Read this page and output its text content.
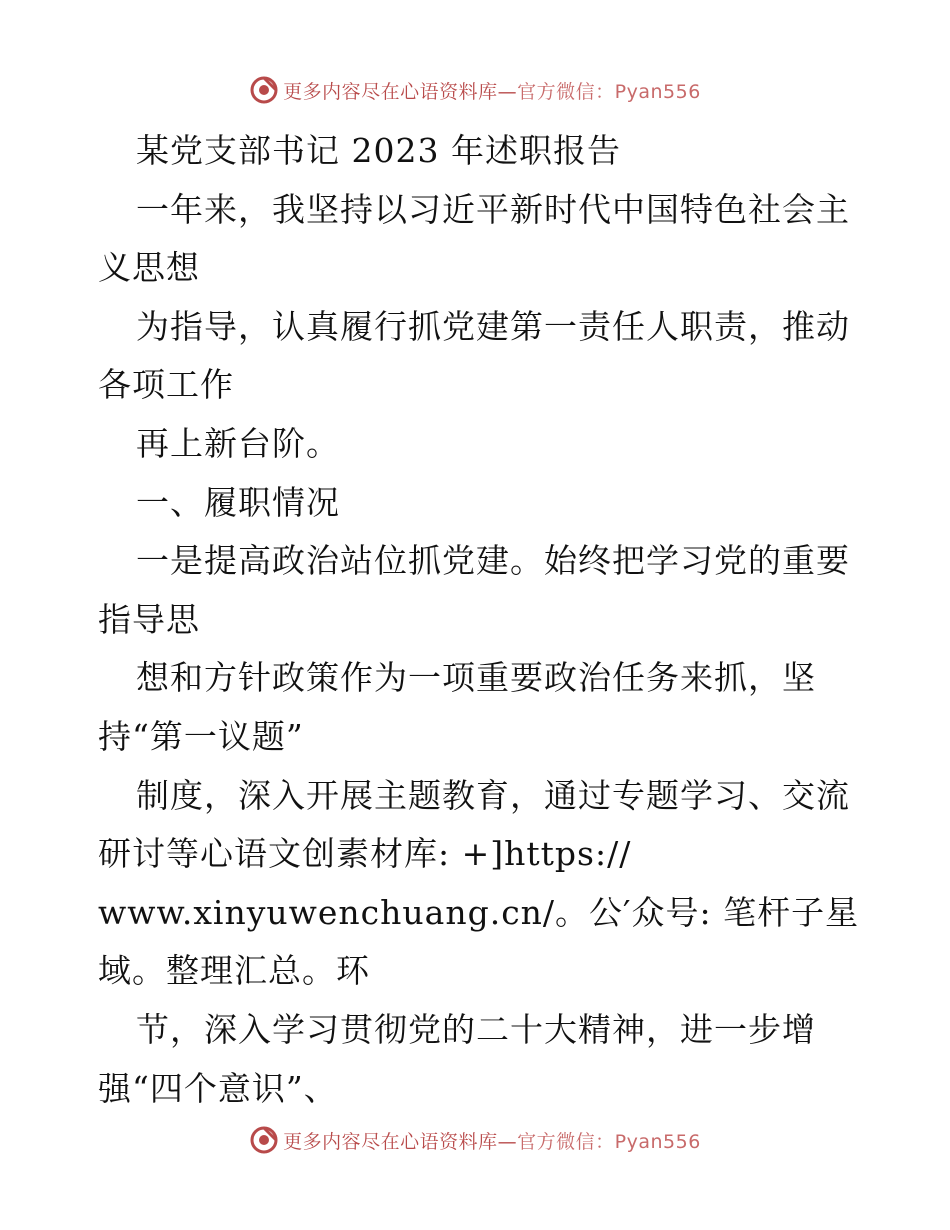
更多内容尽在心语资料库—官方微信：Pyan556
某党支部书记 2023 年述职报告
一年来，我坚持以习近平新时代中国特色社会主
义思想
为指导，认真履行抓党建第一责任人职责，推动
各项工作
再上新台阶。
一、履职情况
一是提高政治站位抓党建。始终把学习党的重要
指导思
想和方针政策作为一项重要政治任务来抓，坚
持“第一议题”
制度，深入开展主题教育，通过专题学习、交流
研讨等心语文创素材库: +]https://
www.xinyuwenchuang.cn/。公′众号: 笔杆子星
域。整理汇总。环
节，深入学习贯彻党的二十大精神，进一步增
强“四个意识”、
更多内容尽在心语资料库—官方微信：Pyan556
